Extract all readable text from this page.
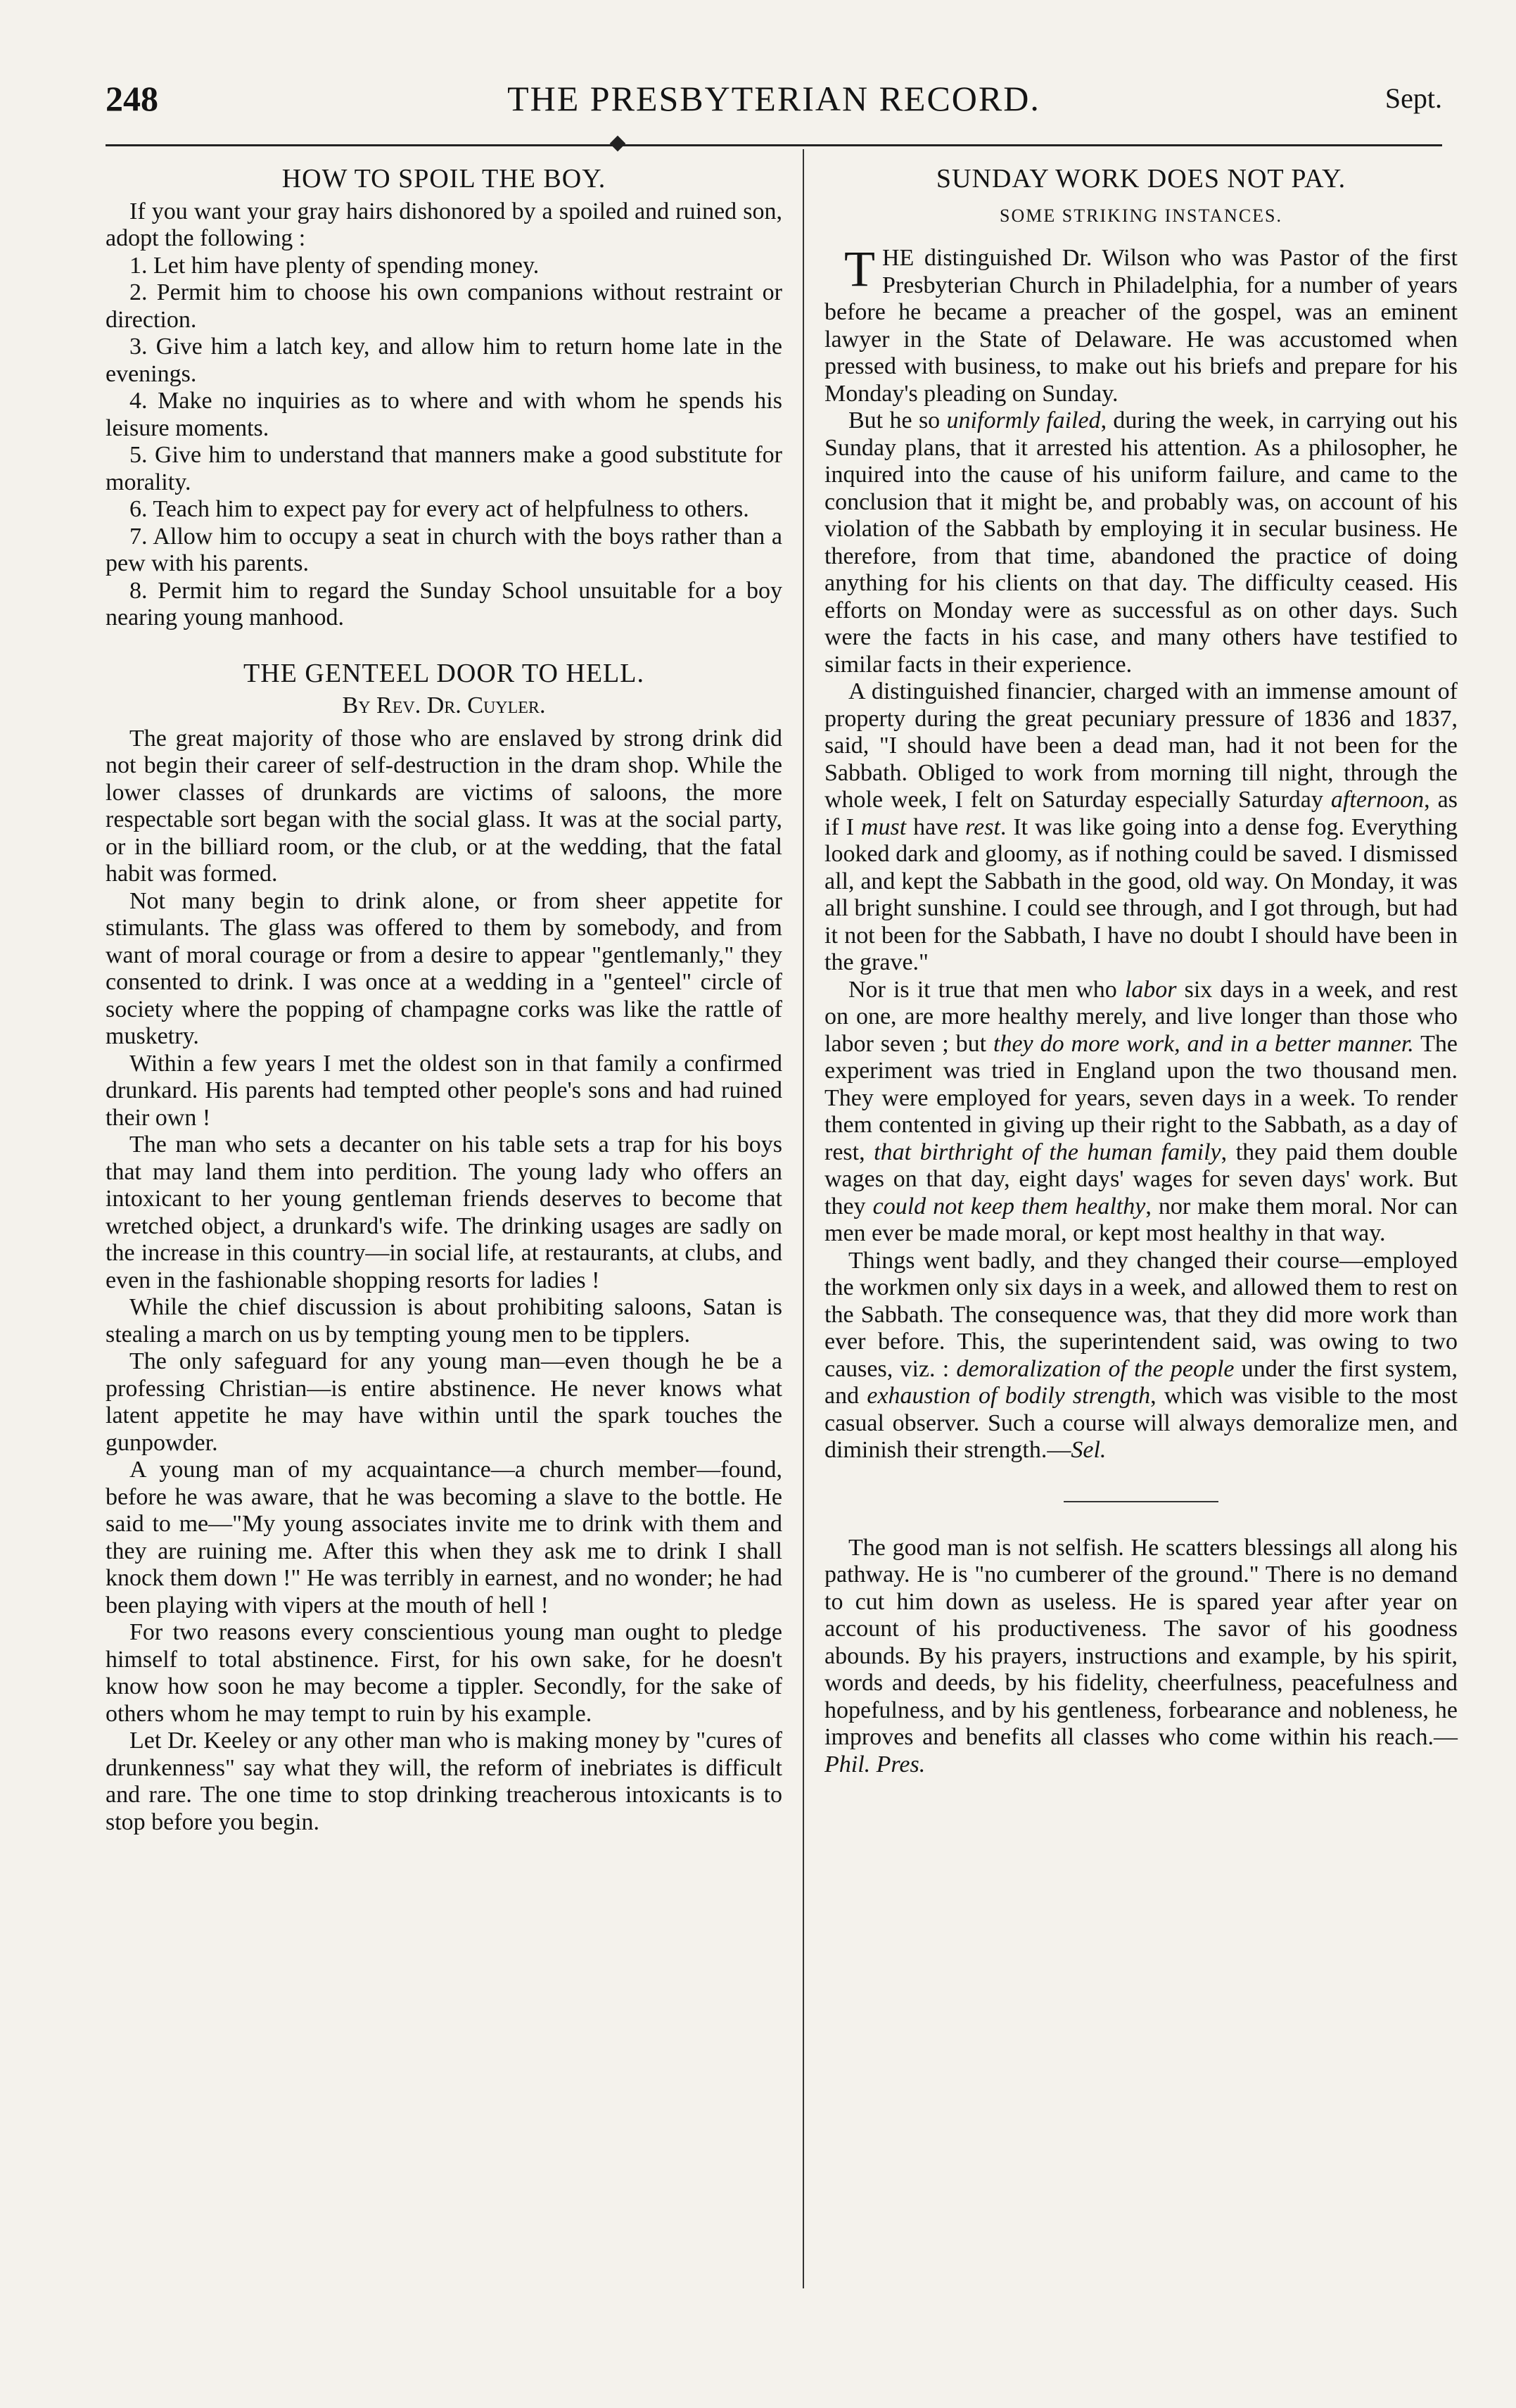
248	THE PRESBYTERIAN RECORD.	Sept.
HOW TO SPOIL THE BOY.

If you want your gray hairs dishonored by a spoiled and ruined son, adopt the following :

1. Let him have plenty of spending money.

2. Permit him to choose his own companions without restraint or direction.

3. Give him a latch key, and allow him to return home late in the evenings.

4. Make no inquiries as to where and with whom he spends his leisure moments.

5. Give him to understand that manners make a good substitute for morality.

6. Teach him to expect pay for every act of helpfulness to others.

7. Allow him to occupy a seat in church with the boys rather than a pew with his parents.

8. Permit him to regard the Sunday School unsuitable for a boy nearing young manhood.

THE GENTEEL DOOR TO HELL.
By Rev. Dr. Cuyler.

The great majority of those who are enslaved by strong drink did not begin their career of self-destruction in the dram shop. While the lower classes of drunkards are victims of saloons, the more respectable sort began with the social glass. It was at the social party, or in the billiard room, or the club, or at the wedding, that the fatal habit was formed.

Not many begin to drink alone, or from sheer appetite for stimulants. The glass was offered to them by somebody, and from want of moral courage or from a desire to appear "gentlemanly," they consented to drink. I was once at a wedding in a "genteel" circle of society where the popping of champagne corks was like the rattle of musketry.

Within a few years I met the oldest son in that family a confirmed drunkard. His parents had tempted other people's sons and had ruined their own !

The man who sets a decanter on his table sets a trap for his boys that may land them into perdition. The young lady who offers an intoxicant to her young gentleman friends deserves to become that wretched object, a drunkard's wife. The drinking usages are sadly on the increase in this country—in social life, at restaurants, at clubs, and even in the fashionable shopping resorts for ladies !

While the chief discussion is about prohibiting saloons, Satan is stealing a march on us by tempting young men to be tipplers.

The only safeguard for any young man—even though he be a professing Christian—is entire abstinence. He never knows what latent appetite he may have within until the spark touches the gunpowder.

A young man of my acquaintance—a church member—found, before he was aware, that he was becoming a slave to the bottle. He said to me—"My young associates invite me to drink with them and they are ruining me. After this when they ask me to drink I shall knock them down !" He was terribly in earnest, and no wonder; he had been playing with vipers at the mouth of hell !

For two reasons every conscientious young man ought to pledge himself to total abstinence. First, for his own sake, for he doesn't know how soon he may become a tippler. Secondly, for the sake of others whom he may tempt to ruin by his example.

Let Dr. Keeley or any other man who is making money by "cures of drunkenness" say what they will, the reform of inebriates is difficult and rare. The one time to stop drinking treacherous intoxicants is to stop before you begin.

SUNDAY WORK DOES NOT PAY.
SOME STRIKING INSTANCES.

THE distinguished Dr. Wilson who was Pastor of the first Presbyterian Church in Philadelphia, for a number of years before he became a preacher of the gospel, was an eminent lawyer in the State of Delaware. He was accustomed when pressed with business, to make out his briefs and prepare for his Monday's pleading on Sunday.

But he so uniformly failed, during the week, in carrying out his Sunday plans, that it arrested his attention. As a philosopher, he inquired into the cause of his uniform failure, and came to the conclusion that it might be, and probably was, on account of his violation of the Sabbath by employing it in secular business. He therefore, from that time, abandoned the practice of doing anything for his clients on that day. The difficulty ceased. His efforts on Monday were as successful as on other days. Such were the facts in his case, and many others have testified to similar facts in their experience.

A distinguished financier, charged with an immense amount of property during the great pecuniary pressure of 1836 and 1837, said, "I should have been a dead man, had it not been for the Sabbath. Obliged to work from morning till night, through the whole week, I felt on Saturday especially Saturday afternoon, as if I must have rest. It was like going into a dense fog. Everything looked dark and gloomy, as if nothing could be saved. I dismissed all, and kept the Sabbath in the good, old way. On Monday, it was all bright sunshine. I could see through, and I got through, but had it not been for the Sabbath, I have no doubt I should have been in the grave."

Nor is it true that men who labor six days in a week, and rest on one, are more healthy merely, and live longer than those who labor seven ; but they do more work, and in a better manner. The experiment was tried in England upon the two thousand men. They were employed for years, seven days in a week. To render them contented in giving up their right to the Sabbath, as a day of rest, that birthright of the human family, they paid them double wages on that day, eight days' wages for seven days' work. But they could not keep them healthy, nor make them moral. Nor can men ever be made moral, or kept most healthy in that way.

Things went badly, and they changed their course—employed the workmen only six days in a week, and allowed them to rest on the Sabbath. The consequence was, that they did more work than ever before. This, the superintendent said, was owing to two causes, viz. : demoralization of the people under the first system, and exhaustion of bodily strength, which was visible to the most casual observer. Such a course will always demoralize men, and diminish their strength.—Sel.

The good man is not selfish. He scatters blessings all along his pathway. He is "no cumberer of the ground." There is no demand to cut him down as useless. He is spared year after year on account of his productiveness. The savor of his goodness abounds. By his prayers, instructions and example, by his spirit, words and deeds, by his fidelity, cheerfulness, peacefulness and hopefulness, and by his gentleness, forbearance and nobleness, he improves and benefits all classes who come within his reach.—Phil. Pres.
